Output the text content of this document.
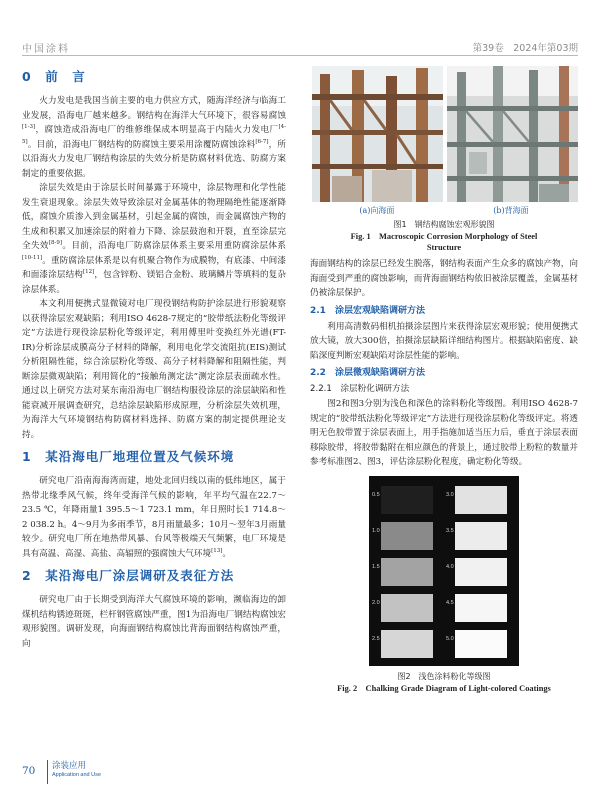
中国涂料	第39卷　2024年第03期
0　前　言

火力发电是我国当前主要的电力供应方式，随海洋经济与临海工业发展，沿海电厂越来越多。钢结构在海洋大气环境下，很容易腐蚀[1-3]，腐蚀造成沿海电厂的维修维保成本明显高于内陆火力发电厂[4-5]。目前，沿海电厂钢结构的防腐蚀主要采用涂覆防腐蚀涂料[6-7]，所以沿海火力发电厂钢结构涂层的失效分析是防腐材料优选、防腐方案制定的重要依据。

涂层失效是由于涂层长时间暴露于环境中，涂层物理和化学性能发生衰退现象。涂层失效导致涂层对金属基体的物理隔绝性能逐渐降低，腐蚀介质渗入到金属基材，引起金属的腐蚀，而金属腐蚀产物的生成和积累又加速涂层的附着力下降、涂层鼓泡和开裂，直至涂层完全失效[8-9]。目前，沿海电厂防腐涂层体系主要采用重防腐涂层体系[10-11]。重防腐涂层体系是以有机聚合物作为成膜物，有底漆、中间漆和面漆涂层结构[12]，包含锌粉、镁铝合金粉、玻璃鳞片等填料的复杂涂层体系。

本文利用便携式显微镜对电厂现役钢结构防护涂层进行形貌观察以获得涂层宏观缺陷；利用ISO 4628-7规定的“胶带纸法粉化等级评定”方法进行现役涂层粉化等级评定，利用傅里叶变换红外光谱(FT-IR)分析涂层成膜高分子材料的降解，利用电化学交流阻抗(EIS)测试分析阻隔性能，综合涂层粉化等级、高分子材料降解和阻隔性能，判断涂层微观缺陷；利用简化的“接触角测定法”测定涂层表面疏水性。通过以上研究方法对某东南沿海电厂钢结构服役涂层的涂层缺陷和性能衰减开展调查研究，总结涂层缺陷形成原理，分析涂层失效机理，为海洋大气环境钢结构防腐材料选择、防腐方案的制定提供理论支持。

1　某沿海电厂地理位置及气候环境

研究电厂沿南海海湾而建，地处北回归线以南的低纬地区，属于热带北缘季风气候，终年受海洋气候的影响，年平均气温在22.7～23.5 ℃，年降雨量1 395.5～1 723.1 mm，年日照时长1 714.8～2 038.2 h。4～9月为多雨季节，8月雨量最多；10月～翌年3月雨量较少。研究电厂所在地热带风暴、台风等极端天气频繁，电厂环境是具有高温、高湿、高盐、高辐照的强腐蚀大气环境[13]。

2　某沿海电厂涂层调研及表征方法

研究电厂由于长期受到海洋大气腐蚀环境的影响，濒临海边的卸煤机结构锈迹斑斑，栏杆钢管腐蚀严重，图1为沿海电厂钢结构腐蚀宏观形貌图。调研发现，向海面钢结构腐蚀比背海面钢结构腐蚀严重，向

(a)向海面	(b)背海面
图1　钢结构腐蚀宏观形貌图
Fig. 1　Macroscopic Corrosion Morphology of Steel
Structure

海面钢结构的涂层已经发生脱落，钢结构表面产生众多的腐蚀产物，向海面受到严重的腐蚀影响，而背海面钢结构依旧被涂层覆盖，金属基材仍被涂层保护。

2.1　涂层宏观缺陷调研方法

利用高清数码相机拍摄涂层图片来获得涂层宏观形貌；使用便携式放大镜，放大300倍，拍摄涂层缺陷详细结构图片。根据缺陷密度、缺陷深度判断宏观缺陷对涂层性能的影响。

2.2　涂层微观缺陷调研方法
2.2.1　涂层粉化调研方法

图2和图3分别为浅色和深色的涂料粉化等级图。利用ISO 4628-7规定的“胶带纸法粉化等级评定”方法进行现役涂层粉化等级评定。将透明无色胶带置于涂层表面上，用手指施加适当压力后，垂直于涂层表面移除胶带，将胶带黏附在相应颜色的背景上，通过胶带上粉粒的数量并参考标准图2、图3，评估涂层粉化程度，确定粉化等级。

0.5
1.0
1.5
2.0
2.5
3.0
3.5
4.0
4.5
5.0
图2　浅色涂料粉化等级图
Fig. 2　Chalking Grade Diagram of Light-colored Coatings
70 涂装应用
Application and Use
